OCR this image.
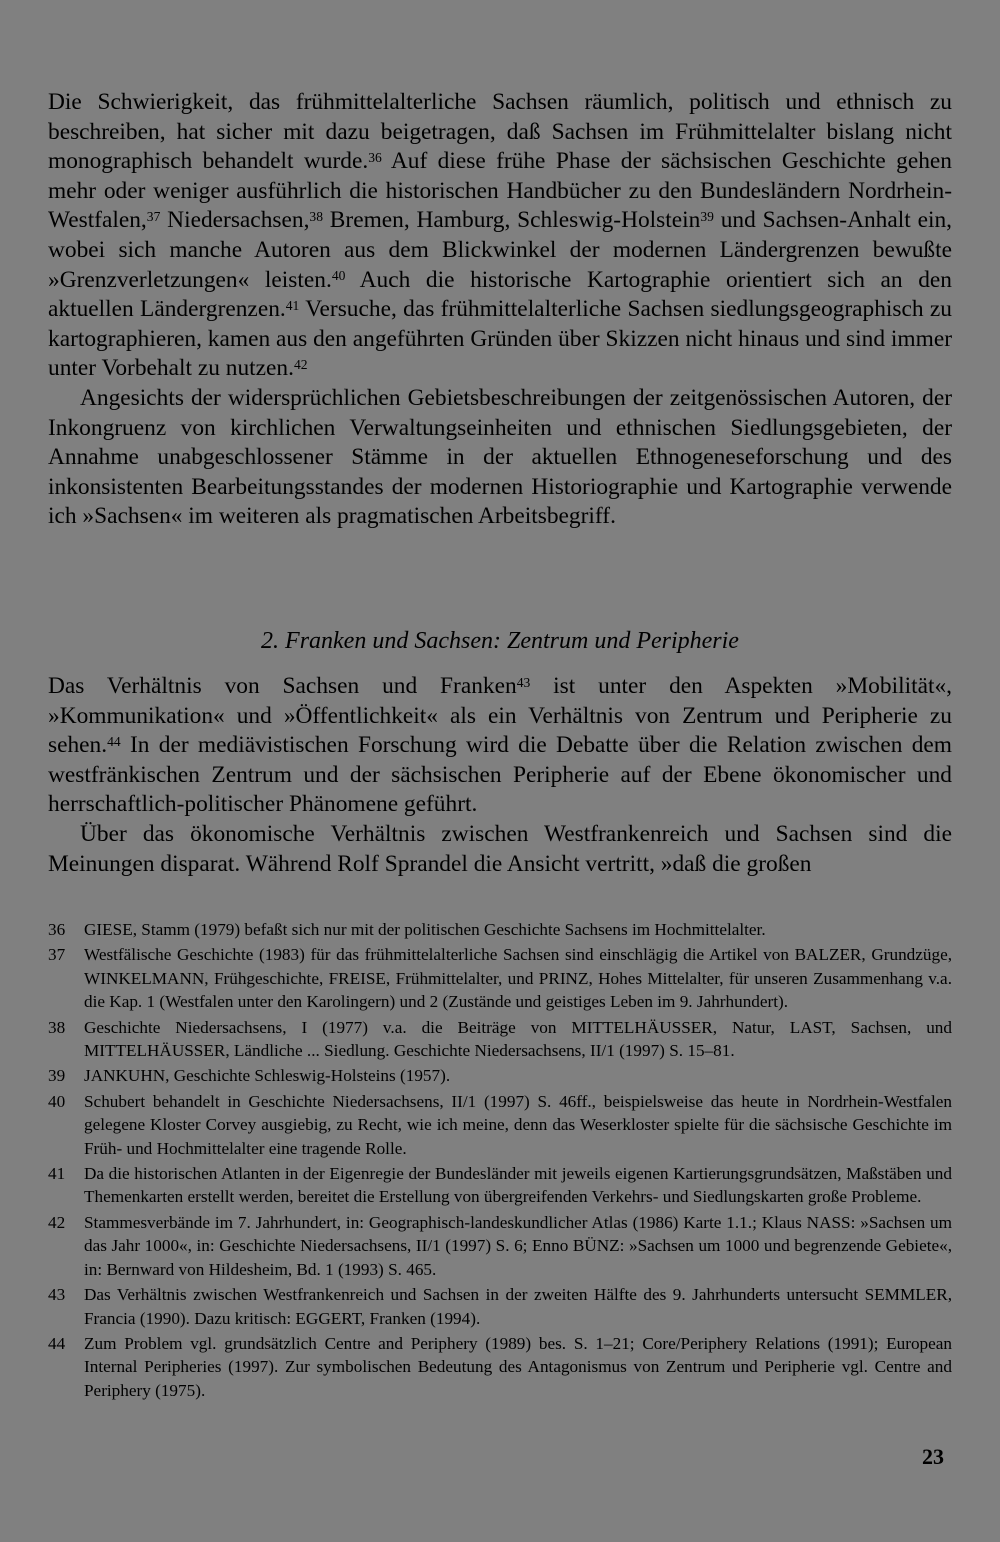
Die Schwierigkeit, das frühmittelalterliche Sachsen räumlich, politisch und ethnisch zu beschreiben, hat sicher mit dazu beigetragen, daß Sachsen im Frühmittelalter bislang nicht monographisch behandelt wurde.$^{36}$ Auf diese frühe Phase der sächsischen Geschichte gehen mehr oder weniger ausführlich die historischen Handbücher zu den Bundesländern Nordrhein-Westfalen,$^{37}$ Niedersachsen,$^{38}$ Bremen, Hamburg, Schleswig-Holstein$^{39}$ und Sachsen-Anhalt ein, wobei sich manche Autoren aus dem Blickwinkel der modernen Ländergrenzen bewußte »Grenzverletzungen« leisten.$^{40}$ Auch die historische Kartographie orientiert sich an den aktuellen Ländergrenzen.$^{41}$ Versuche, das frühmittelalterliche Sachsen siedlungsgeographisch zu kartographieren, kamen aus den angeführten Gründen über Skizzen nicht hinaus und sind immer unter Vorbehalt zu nutzen.$^{42}$

Angesichts der widersprüchlichen Gebietsbeschreibungen der zeitgenössischen Autoren, der Inkongruenz von kirchlichen Verwaltungseinheiten und ethnischen Siedlungsgebieten, der Annahme unabgeschlossener Stämme in der aktuellen Ethnogeneseforschung und des inkonsistenten Bearbeitungsstandes der modernen Historiographie und Kartographie verwende ich »Sachsen« im weiteren als pragmatischen Arbeitsbegriff.

2. Franken und Sachsen: Zentrum und Peripherie

Das Verhältnis von Sachsen und Franken$^{43}$ ist unter den Aspekten »Mobilität«, »Kommunikation« und »Öffentlichkeit« als ein Verhältnis von Zentrum und Peripherie zu sehen.$^{44}$ In der mediävistischen Forschung wird die Debatte über die Relation zwischen dem westfränkischen Zentrum und der sächsischen Peripherie auf der Ebene ökonomischer und herrschaftlich-politischer Phänomene geführt.

Über das ökonomische Verhältnis zwischen Westfrankenreich und Sachsen sind die Meinungen disparat. Während Rolf Sprandel die Ansicht vertritt, »daß die großen

36	GIESE, Stamm (1979) befaßt sich nur mit der politischen Geschichte Sachsens im Hochmittelalter.
37	Westfälische Geschichte (1983) für das frühmittelalterliche Sachsen sind einschlägig die Artikel von BALZER, Grundzüge, WINKELMANN, Frühgeschichte, FREISE, Frühmittelalter, und PRINZ, Hohes Mittelalter, für unseren Zusammenhang v.a. die Kap. 1 (Westfalen unter den Karolingern) und 2 (Zustände und geistiges Leben im 9. Jahrhundert).
38	Geschichte Niedersachsens, I (1977) v.a. die Beiträge von MITTELHÄUSSER, Natur, LAST, Sachsen, und MITTELHÄUSSER, Ländliche ... Siedlung. Geschichte Niedersachsens, II/1 (1997) S. 15–81.
39	JANKUHN, Geschichte Schleswig-Holsteins (1957).
40	Schubert behandelt in Geschichte Niedersachsens, II/1 (1997) S. 46ff., beispielsweise das heute in Nordrhein-Westfalen gelegene Kloster Corvey ausgiebig, zu Recht, wie ich meine, denn das Weserkloster spielte für die sächsische Geschichte im Früh- und Hochmittelalter eine tragende Rolle.
41	Da die historischen Atlanten in der Eigenregie der Bundesländer mit jeweils eigenen Kartierungsgrundsätzen, Maßstäben und Themenkarten erstellt werden, bereitet die Erstellung von übergreifenden Verkehrs- und Siedlungskarten große Probleme.
42	Stammesverbände im 7. Jahrhundert, in: Geographisch-landeskundlicher Atlas (1986) Karte 1.1.; Klaus NASS: »Sachsen um das Jahr 1000«, in: Geschichte Niedersachsens, II/1 (1997) S. 6; Enno BÜNZ: »Sachsen um 1000 und begrenzende Gebiete«, in: Bernward von Hildesheim, Bd. 1 (1993) S. 465.
43	Das Verhältnis zwischen Westfrankenreich und Sachsen in der zweiten Hälfte des 9. Jahrhunderts untersucht SEMMLER, Francia (1990). Dazu kritisch: EGGERT, Franken (1994).
44	Zum Problem vgl. grundsätzlich Centre and Periphery (1989) bes. S. 1–21; Core/Periphery Relations (1991); European Internal Peripheries (1997). Zur symbolischen Bedeutung des Antagonismus von Zentrum und Peripherie vgl. Centre and Periphery (1975).
23
